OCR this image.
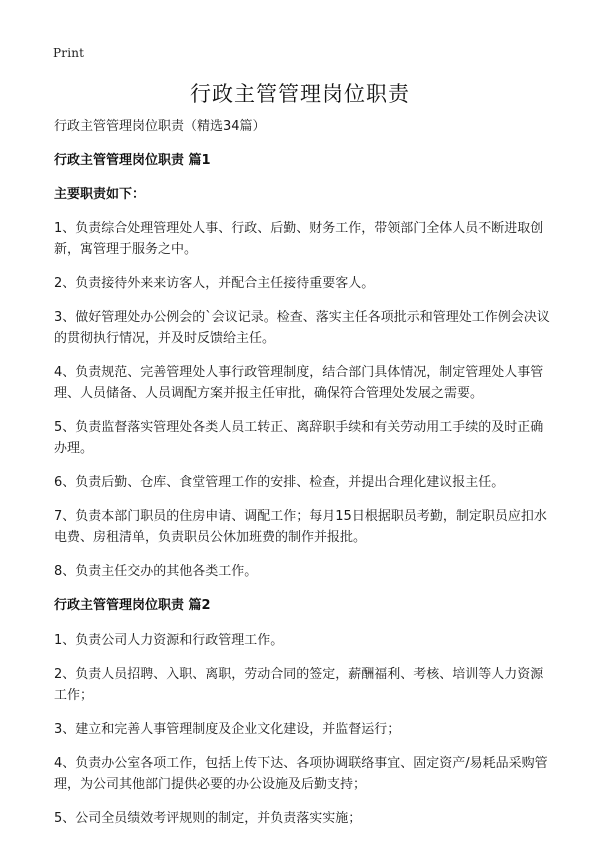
Print
行政主管管理岗位职责
行政主管管理岗位职责（精选34篇）
行政主管管理岗位职责 篇1
主要职责如下：
1、负责综合处理管理处人事、行政、后勤、财务工作，带领部门全体人员不断进取创新，寓管理于服务之中。
2、负责接待外来来访客人，并配合主任接待重要客人。
3、做好管理处办公例会的`会议记录。检查、落实主任各项批示和管理处工作例会决议的贯彻执行情况，并及时反馈给主任。
4、负责规范、完善管理处人事行政管理制度，结合部门具体情况，制定管理处人事管理、人员储备、人员调配方案并报主任审批，确保符合管理处发展之需要。
5、负责监督落实管理处各类人员工转正、离辞职手续和有关劳动用工手续的及时正确办理。
6、负责后勤、仓库、食堂管理工作的安排、检查，并提出合理化建议报主任。
7、负责本部门职员的住房申请、调配工作；每月15日根据职员考勤，制定职员应扣水电费、房租清单，负责职员公休加班费的制作并报批。
8、负责主任交办的其他各类工作。
行政主管管理岗位职责 篇2
1、负责公司人力资源和行政管理工作。
2、负责人员招聘、入职、离职，劳动合同的签定，薪酬福利、考核、培训等人力资源工作；
3、建立和完善人事管理制度及企业文化建设，并监督运行；
4、负责办公室各项工作，包括上传下达、各项协调联络事宜、固定资产/易耗品采购管理，为公司其他部门提供必要的办公设施及后勤支持；
5、公司全员绩效考评规则的制定，并负责落实实施；
